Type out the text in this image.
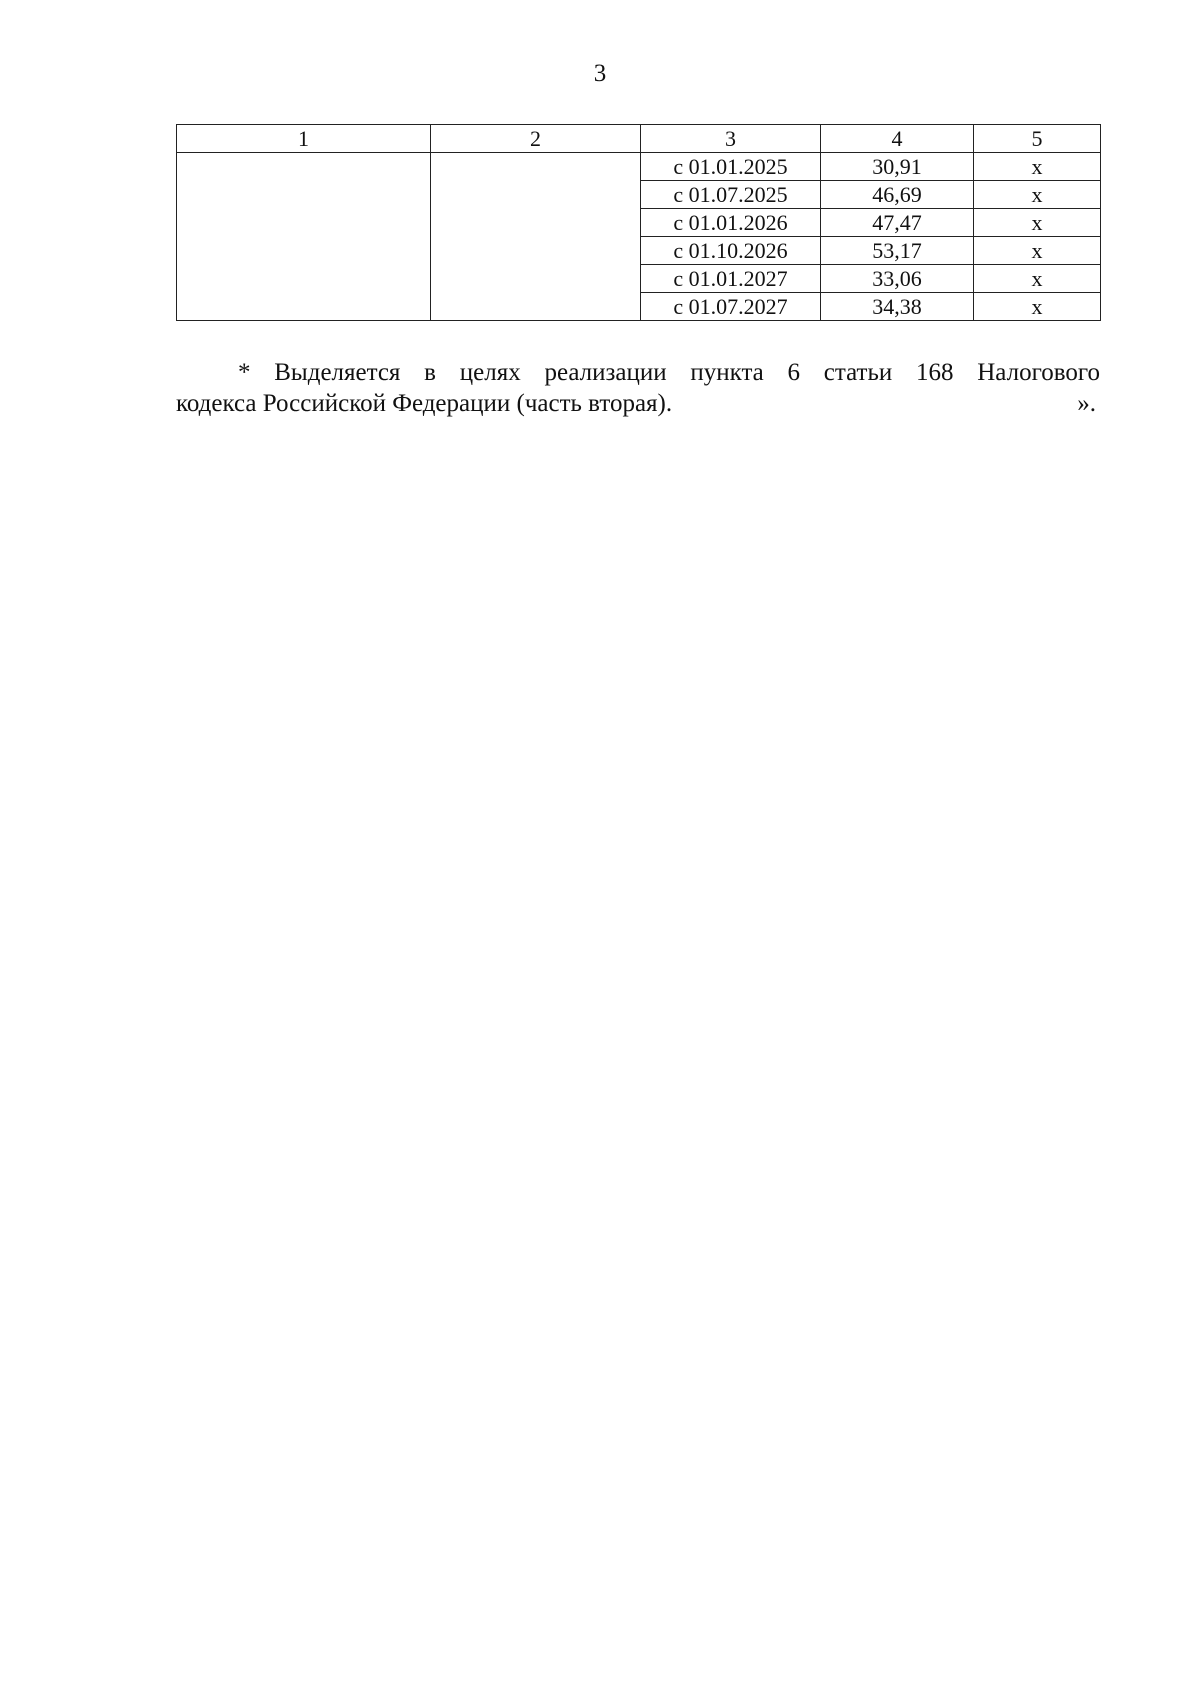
3
1	2	3	4	5
		с 01.01.2025	30,91	x
		с 01.07.2025	46,69	x
		с 01.01.2026	47,47	x
		с 01.10.2026	53,17	x
		с 01.01.2027	33,06	x
		с 01.07.2027	34,38	x
* Выделяется в целях реализации пункта 6 статьи 168 Налогового
кодекса Российской Федерации (часть вторая).	».
